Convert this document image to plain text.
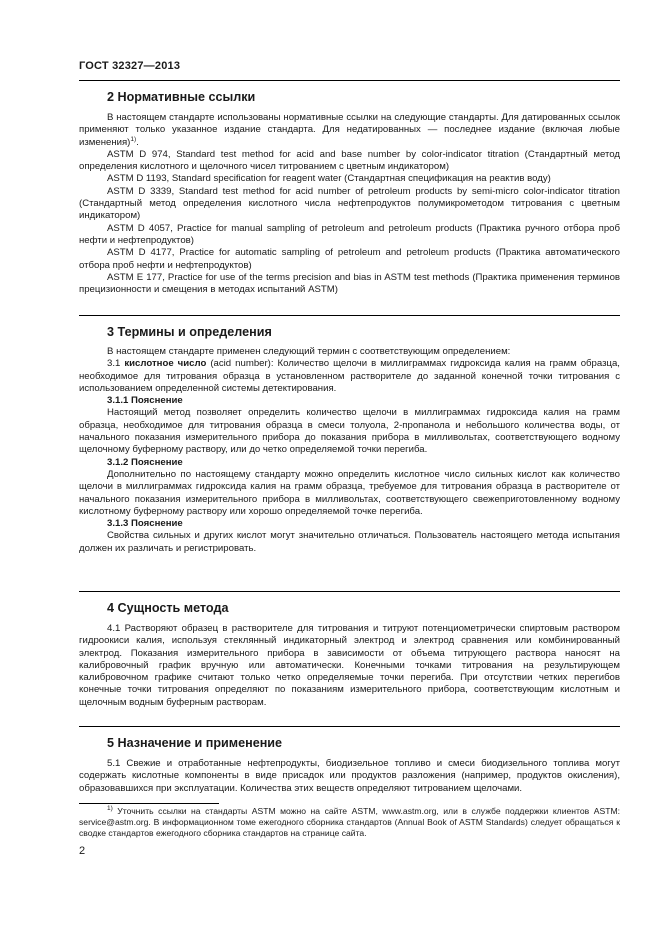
ГОСТ 32327—2013
2 Нормативные ссылки

В настоящем стандарте использованы нормативные ссылки на следующие стандарты. Для датированных ссылок применяют только указанное издание стандарта. Для недатированных — последнее издание (включая любые изменения)$^{1)}$.

ASTM D 974, Standard test method for acid and base number by color-indicator titration (Стандартный метод определения кислотного и щелочного чисел титрованием с цветным индикатором)

ASTM D 1193, Standard specification for reagent water (Стандартная спецификация на реактив воду)

ASTM D 3339, Standard test method for acid number of petroleum products by semi-micro color-indicator titration (Стандартный метод определения кислотного числа нефтепродуктов полумикрометодом титрования с цветным индикатором)

ASTM D 4057, Practice for manual sampling of petroleum and petroleum products (Практика ручного отбора проб нефти и нефтепродуктов)

ASTM D 4177, Practice for automatic sampling of petroleum and petroleum products (Практика автоматического отбора проб нефти и нефтепродуктов)

ASTM E 177, Practice for use of the terms precision and bias in ASTM test methods (Практика применения терминов прецизионности и смещения в методах испытаний ASTM)

3 Термины и определения

В настоящем стандарте применен следующий термин с соответствующим определением:

3.1 кислотное число (acid number): Количество щелочи в миллиграммах гидроксида калия на грамм образца, необходимое для титрования образца в установленном растворителе до заданной конечной точки титрования с использованием определенной системы детектирования.

3.1.1 Пояснение

Настоящий метод позволяет определить количество щелочи в миллиграммах гидроксида калия на грамм образца, необходимое для титрования образца в смеси толуола, 2-пропанола и небольшого количества воды, от начального показания измерительного прибора до показания прибора в милливольтах, соответствующего водному щелочному буферному раствору, или до четко определяемой точки перегиба.

3.1.2 Пояснение

Дополнительно по настоящему стандарту можно определить кислотное число сильных кислот как количество щелочи в миллиграммах гидроксида калия на грамм образца, требуемое для титрования образца в растворителе от начального показания измерительного прибора в милливольтах, соответствующего свежеприготовленному водному кислотному буферному раствору или хорошо определяемой точке перегиба.

3.1.3 Пояснение

Свойства сильных и других кислот могут значительно отличаться. Пользователь настоящего метода испытания должен их различать и регистрировать.

4 Сущность метода

4.1 Растворяют образец в растворителе для титрования и титруют потенциометрически спиртовым раствором гидроокиси калия, используя стеклянный индикаторный электрод и электрод сравнения или комбинированный электрод. Показания измерительного прибора в зависимости от объема титрующего раствора наносят на калибровочный график вручную или автоматически. Конечными точками титрования на результирующем калибровочном графике считают только четко определяемые точки перегиба. При отсутствии четких перегибов конечные точки титрования определяют по показаниям измерительного прибора, соответствующим кислотным и щелочным водным буферным растворам.

5 Назначение и применение

5.1 Свежие и отработанные нефтепродукты, биодизельное топливо и смеси биодизельного топлива могут содержать кислотные компоненты в виде присадок или продуктов разложения (например, продуктов окисления), образовавшихся при эксплуатации. Количества этих веществ определяют титрованием щелочами.

$^{1)}$ Уточнить ссылки на стандарты ASTM можно на сайте ASTM, www.astm.org, или в службе поддержки клиентов ASTM: service@astm.org. В информационном томе ежегодного сборника стандартов (Annual Book of ASTM Standards) следует обращаться к сводке стандартов ежегодного сборника стандартов на странице сайта.

2
